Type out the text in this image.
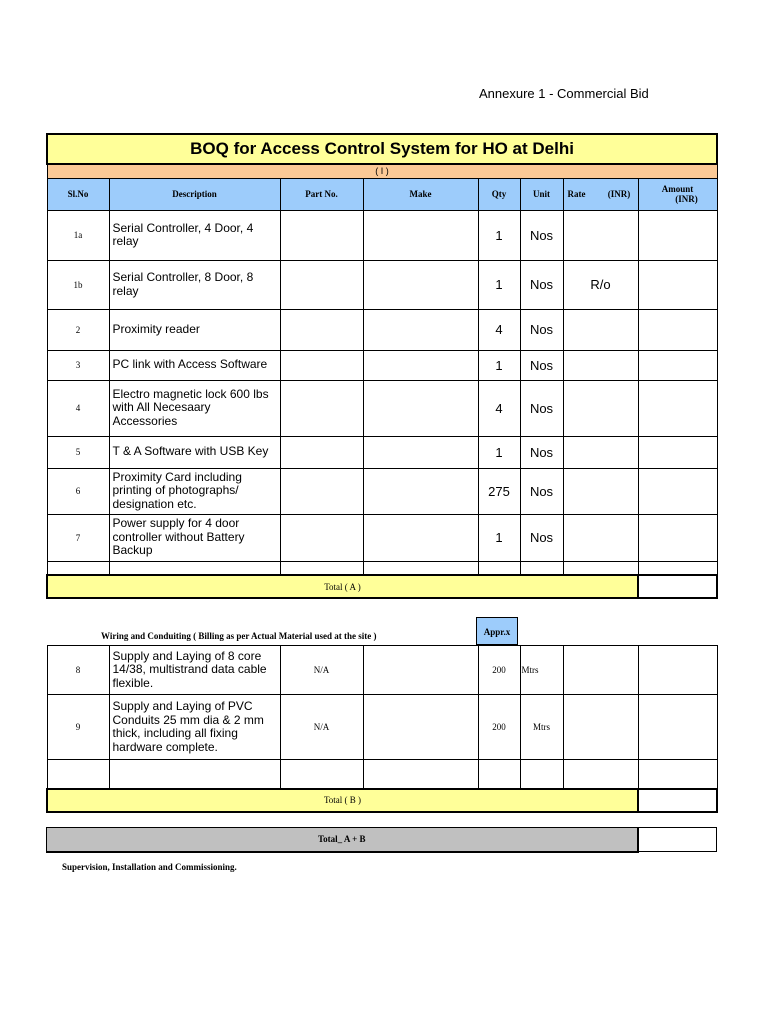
Annexure 1 - Commercial Bid
BOQ for Access Control System for HO at Delhi							
( I )							
Sl.No	Description	Part No.	Make	Qty	Unit	Rate (INR)	Amount
(INR)

1a	Serial Controller, 4 Door, 4 relay			1	Nos		
1b	Serial Controller, 8 Door, 8 relay			1	Nos	R/o	
2	Proximity reader			4	Nos		
3	PC link with Access Software			1	Nos		
4	Electro magnetic lock 600 lbs with All Necesaary Accessories			4	Nos		
5	T & A Software with USB Key			1	Nos		
6	Proximity Card including printing of photographs/ designation etc.			275	Nos		
7	Power supply for 4 door controller without Battery Backup			1	Nos		

Total ( A )							
Wiring and Conduiting ( Billing as per Actual Material used at the site )	Appr.x
8	Supply and Laying of 8 core 14/38, multistrand data cable flexible.	N/A		200	Mtrs		
9	Supply and Laying of PVC Conduits 25 mm dia & 2 mm thick, including all fixing hardware complete.	N/A		200	Mtrs		

Total ( B )							
Total_ A + B	
Supervision, Installation and Commissioning.
